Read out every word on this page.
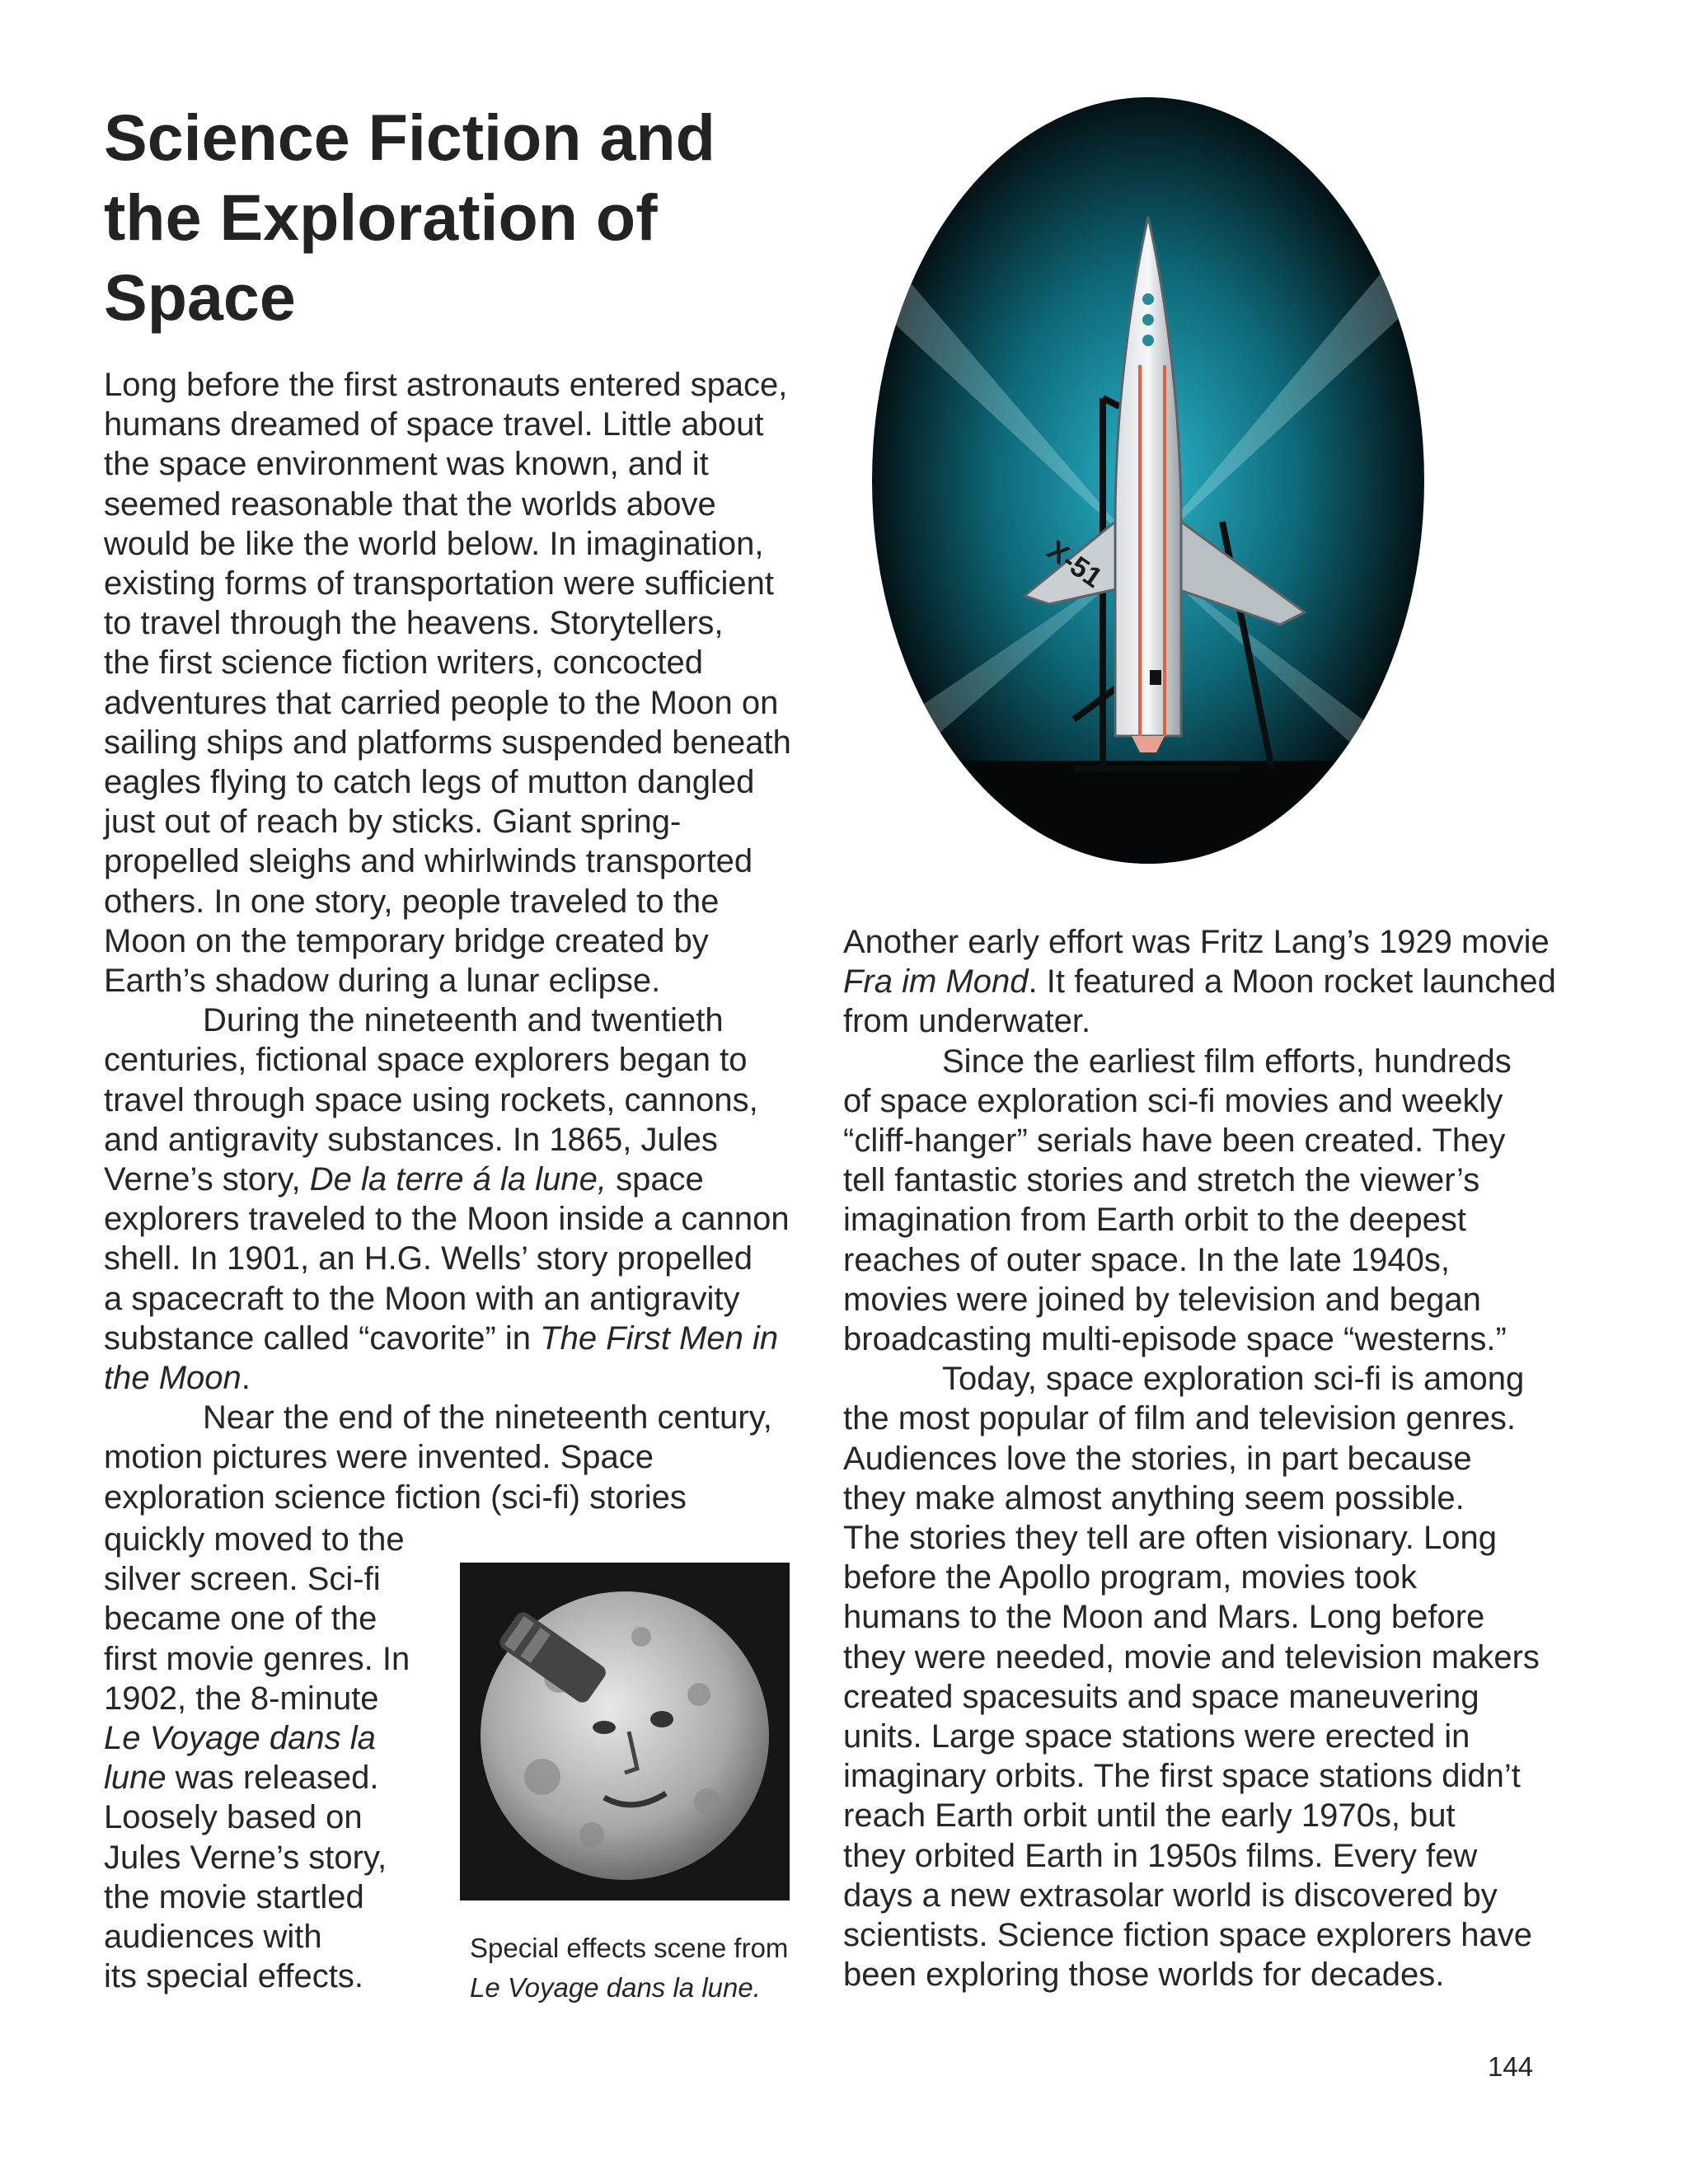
Science Fiction and
the Exploration of
Space
Long before the first astronauts entered space,
humans dreamed of space travel. Little about
the space environment was known, and it
seemed reasonable that the worlds above
would be like the world below. In imagination,
existing forms of transportation were sufficient
to travel through the heavens. Storytellers,
the first science fiction writers, concocted
adventures that carried people to the Moon on
sailing ships and platforms suspended beneath
eagles flying to catch legs of mutton dangled
just out of reach by sticks. Giant spring-
propelled sleighs and whirlwinds transported
others. In one story, people traveled to the
Moon on the temporary bridge created by
Earth’s shadow during a lunar eclipse.
During the nineteenth and twentieth
centuries, fictional space explorers began to
travel through space using rockets, cannons,
and antigravity substances. In 1865, Jules
Verne’s story, De la terre á la lune, space
explorers traveled to the Moon inside a cannon
shell. In 1901, an H.G. Wells’ story propelled
a spacecraft to the Moon with an antigravity
substance called “cavorite” in The First Men in
the Moon.
Near the end of the nineteenth century,
motion pictures were invented. Space
exploration science fiction (sci-fi) stories
quickly moved to the
silver screen. Sci-fi
became one of the
first movie genres. In
1902, the 8-minute
Le Voyage dans la
lune was released.
Loosely based on
Jules Verne’s story,
the movie startled
audiences with
its special effects.
Another early effort was Fritz Lang’s 1929 movie
Fra im Mond. It featured a Moon rocket launched
from underwater.
Since the earliest film efforts, hundreds
of space exploration sci-fi movies and weekly
“cliff-hanger” serials have been created. They
tell fantastic stories and stretch the viewer’s
imagination from Earth orbit to the deepest
reaches of outer space. In the late 1940s,
movies were joined by television and began
broadcasting multi-episode space “westerns.”
Today, space exploration sci-fi is among
the most popular of film and television genres.
Audiences love the stories, in part because
they make almost anything seem possible.
The stories they tell are often visionary. Long
before the Apollo program, movies took
humans to the Moon and Mars. Long before
they were needed, movie and television makers
created spacesuits and space maneuvering
units. Large space stations were erected in
imaginary orbits. The first space stations didn’t
reach Earth orbit until the early 1970s, but
they orbited Earth in 1950s films. Every few
days a new extrasolar world is discovered by
scientists. Science fiction space explorers have
been exploring those worlds for decades.
X-51
Special effects scene from
Le Voyage dans la lune.
144
